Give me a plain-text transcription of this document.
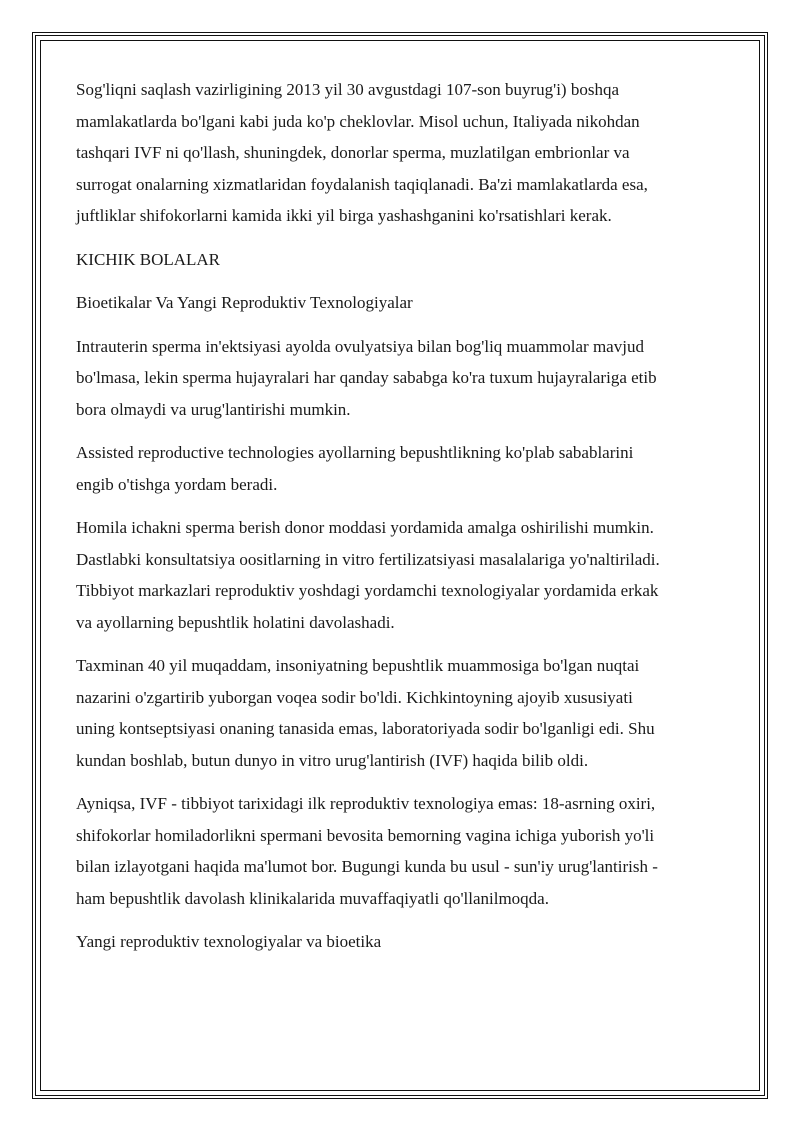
Sog'liqni saqlash vazirligining 2013 yil 30 avgustdagi 107-son buyrug'i) boshqa
mamlakatlarda bo'lgani kabi juda ko'p cheklovlar. Misol uchun, Italiyada nikohdan
tashqari IVF ni qo'llash, shuningdek, donorlar sperma, muzlatilgan embrionlar va
surrogat onalarning xizmatlaridan foydalanish taqiqlanadi. Ba'zi mamlakatlarda esa,
juftliklar shifokorlarni kamida ikki yil birga yashashganini ko'rsatishlari kerak.

KICHIK BOLALAR

Bioetikalar Va Yangi Reproduktiv Texnologiyalar

Intrauterin sperma in'ektsiyasi ayolda ovulyatsiya bilan bog'liq muammolar mavjud
bo'lmasa, lekin sperma hujayralari har qanday sababga ko'ra tuxum hujayralariga etib
bora olmaydi va urug'lantirishi mumkin.

Assisted reproductive technologies ayollarning bepushtlikning ko'plab sabablarini
engib o'tishga yordam beradi.

Homila ichakni sperma berish donor moddasi yordamida amalga oshirilishi mumkin.
Dastlabki konsultatsiya oositlarning in vitro fertilizatsiyasi masalalariga yo'naltiriladi.
Tibbiyot markazlari reproduktiv yoshdagi yordamchi texnologiyalar yordamida erkak
va ayollarning bepushtlik holatini davolashadi.

Taxminan 40 yil muqaddam, insoniyatning bepushtlik muammosiga bo'lgan nuqtai
nazarini o'zgartirib yuborgan voqea sodir bo'ldi. Kichkintoyning ajoyib xususiyati
uning kontseptsiyasi onaning tanasida emas, laboratoriyada sodir bo'lganligi edi. Shu
kundan boshlab, butun dunyo in vitro urug'lantirish (IVF) haqida bilib oldi.

Ayniqsa, IVF - tibbiyot tarixidagi ilk reproduktiv texnologiya emas: 18-asrning oxiri,
shifokorlar homiladorlikni spermani bevosita bemorning vagina ichiga yuborish yo'li
bilan izlayotgani haqida ma'lumot bor. Bugungi kunda bu usul - sun'iy urug'lantirish -
ham bepushtlik davolash klinikalarida muvaffaqiyatli qo'llanilmoqda.

Yangi reproduktiv texnologiyalar va bioetika
